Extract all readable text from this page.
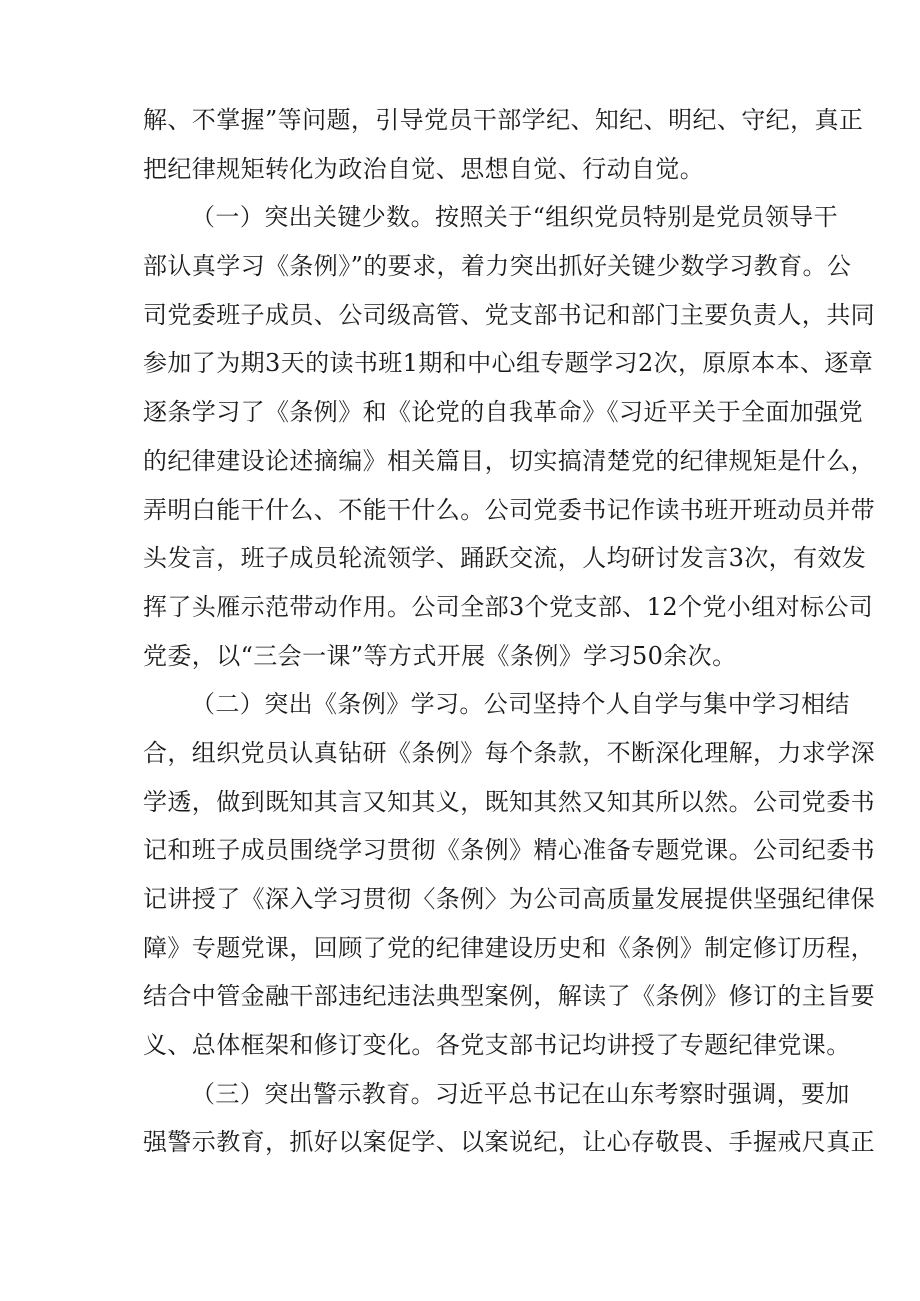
解、不掌握”等问题，引导党员干部学纪、知纪、明纪、守纪，真正
把纪律规矩转化为政治自觉、思想自觉、行动自觉。
（一）突出关键少数。按照关于“组织党员特别是党员领导干
部认真学习《条例》”的要求，着力突出抓好关键少数学习教育。公
司党委班子成员、公司级高管、党支部书记和部门主要负责人，共同
参加了为期3天的读书班1期和中心组专题学习2次，原原本本、逐章
逐条学习了《条例》和《论党的自我革命》《习近平关于全面加强党
的纪律建设论述摘编》相关篇目，切实搞清楚党的纪律规矩是什么，
弄明白能干什么、不能干什么。公司党委书记作读书班开班动员并带
头发言，班子成员轮流领学、踊跃交流，人均研讨发言3次，有效发
挥了头雁示范带动作用。公司全部3个党支部、12个党小组对标公司
党委，以“三会一课”等方式开展《条例》学习50余次。
（二）突出《条例》学习。公司坚持个人自学与集中学习相结
合，组织党员认真钻研《条例》每个条款，不断深化理解，力求学深
学透，做到既知其言又知其义，既知其然又知其所以然。公司党委书
记和班子成员围绕学习贯彻《条例》精心准备专题党课。公司纪委书
记讲授了《深入学习贯彻〈条例〉为公司高质量发展提供坚强纪律保
障》专题党课，回顾了党的纪律建设历史和《条例》制定修订历程，
结合中管金融干部违纪违法典型案例，解读了《条例》修订的主旨要
义、总体框架和修订变化。各党支部书记均讲授了专题纪律党课。
（三）突出警示教育。习近平总书记在山东考察时强调，要加
强警示教育，抓好以案促学、以案说纪，让心存敬畏、手握戒尺真正
